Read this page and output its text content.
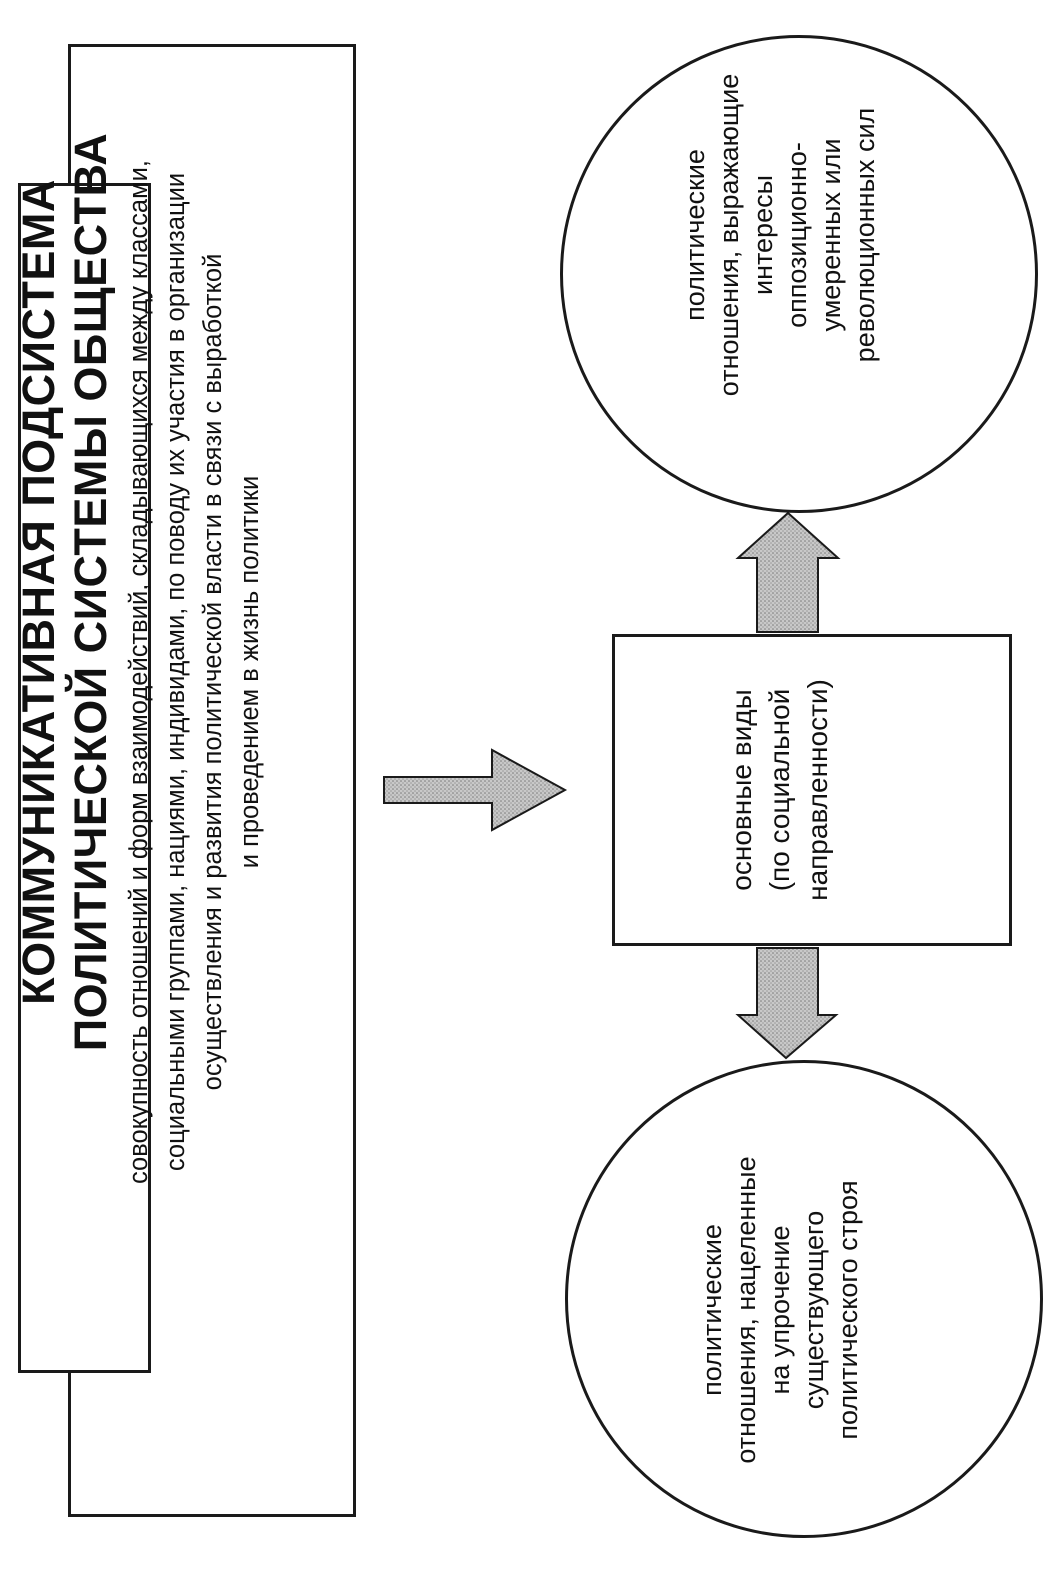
КОММУНИКАТИВНАЯ ПОДСИСТЕМА ПОЛИТИЧЕСКОЙ СИСТЕМЫ ОБЩЕСТВА совокупность отношений и форм взаимодействий, складывающихся между классами, социальными группами, нациями, индивидами, по поводу их участия в организации осуществления и развития политической власти в связи с выработкой и проведением в жизнь политики	основные виды (по социальной направленности)
политические отношения, выражающие интересы оппозиционно- умеренных или революционных сил
политические отношения, нацеленные на упрочение существующего политического строя
